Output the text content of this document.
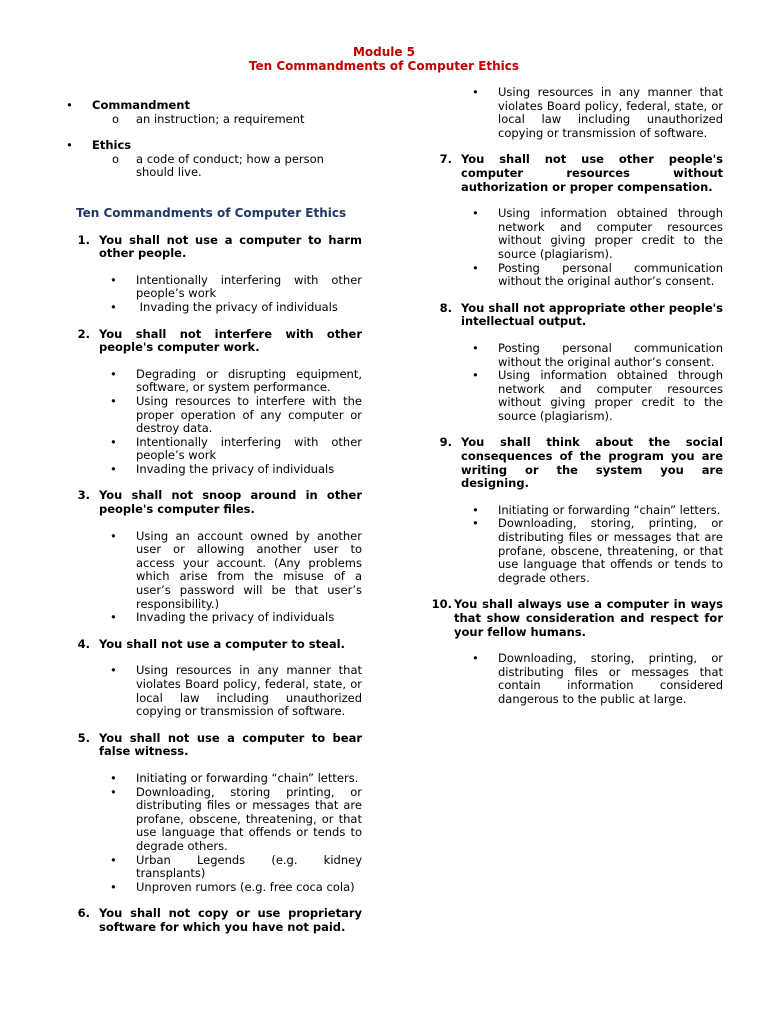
Module 5
Ten Commandments of Computer Ethics
•	Commandment
o	an instruction; a requirement
•	Ethics
o	a code of conduct; how a person should live.
Ten Commandments of Computer Ethics
1. You shall not use a computer to harm other people.
•	Intentionally interfering with other people’s work
•	Invading the privacy of individuals
2. You shall not interfere with other people's computer work.
•	Degrading or disrupting equipment, software, or system performance.
•	Using resources to interfere with the proper operation of any computer or destroy data.
•	Intentionally interfering with other people’s work
•	Invading the privacy of individuals
3. You shall not snoop around in other people's computer files.
•	Using an account owned by another user or allowing another user to access your account. (Any problems which arise from the misuse of a user’s password will be that user’s responsibility.)
•	Invading the privacy of individuals
4. You shall not use a computer to steal.
•	Using resources in any manner that violates Board policy, federal, state, or local law including unauthorized copying or transmission of software.
5. You shall not use a computer to bear false witness.
•	Initiating or forwarding “chain” letters.
•	Downloading, storing printing, or distributing files or messages that are profane, obscene, threatening, or that use language that offends or tends to degrade others.
•	Urban Legends (e.g. kidney transplants)
•	Unproven rumors (e.g. free coca cola)
6. You shall not copy or use proprietary software for which you have not paid.
•	Using resources in any manner that violates Board policy, federal, state, or local law including unauthorized copying or transmission of software.
7. You shall not use other people's computer resources without authorization or proper compensation.
•	Using information obtained through network and computer resources without giving proper credit to the source (plagiarism).
•	Posting personal communication without the original author’s consent.
8. You shall not appropriate other people's intellectual output.
•	Posting personal communication without the original author’s consent.
•	Using information obtained through network and computer resources without giving proper credit to the source (plagiarism).
9. You shall think about the social consequences of the program you are writing or the system you are designing.
•	Initiating or forwarding “chain” letters.
•	Downloading, storing, printing, or distributing files or messages that are profane, obscene, threatening, or that use language that offends or tends to degrade others.
10. You shall always use a computer in ways that show consideration and respect for your fellow humans.
•	Downloading, storing, printing, or distributing files or messages that contain information considered dangerous to the public at large.
